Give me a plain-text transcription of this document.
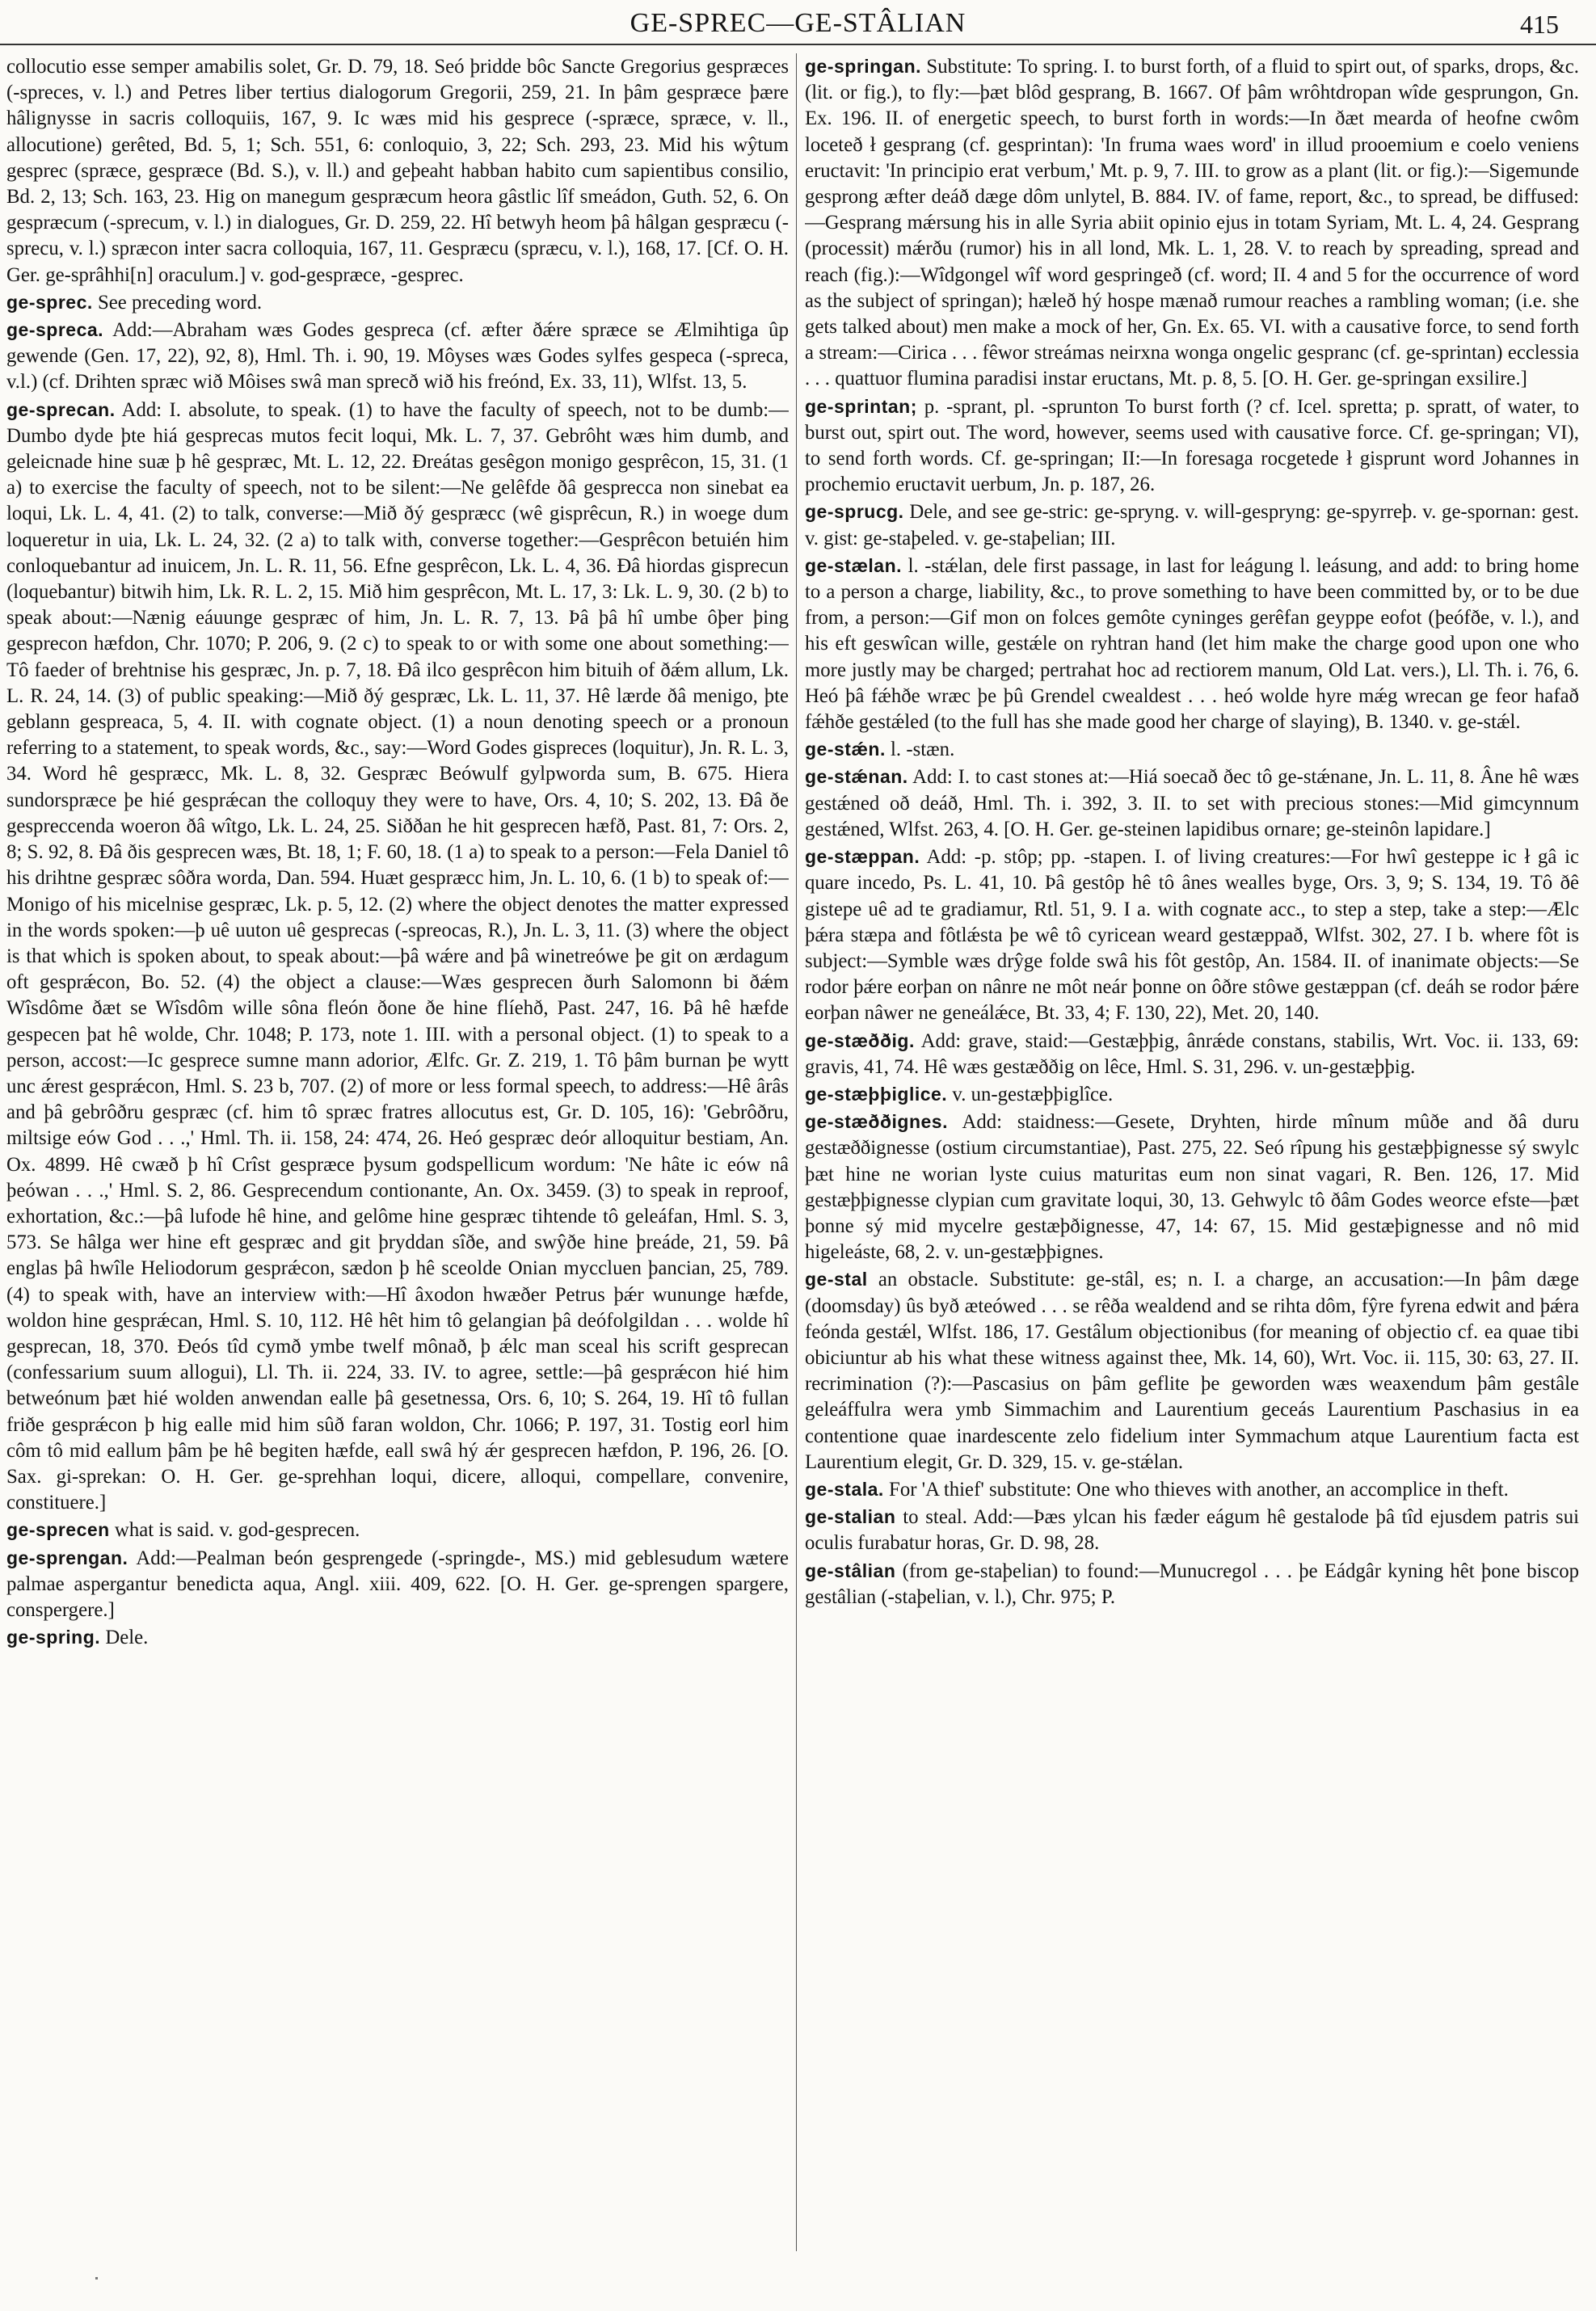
GE-SPREC—GE-STÂLIAN	415

collocutio esse semper amabilis solet, Gr. D. 79, 18. Seó þridde bôc Sancte Gregorius gespræces (-spreces, v. l.) and Petres liber tertius dialogorum Gregorii, 259, 21. In þâm gespræce þære hâlignysse in sacris colloquiis, 167, 9. Ic wæs mid his gesprece (-spræce, spræce, v. ll., allocutione) gerêted, Bd. 5, 1; Sch. 551, 6: conloquio, 3, 22; Sch. 293, 23. Mid his wŷtum gesprec (spræce, gespræce (Bd. S.), v. ll.) and geþeaht habban habito cum sapientibus consilio, Bd. 2, 13; Sch. 163, 23. Hig on manegum gespræcum heora gâstlic lîf smeádon, Guth. 52, 6. On gespræcum (-sprecum, v. l.) in dialogues, Gr. D. 259, 22. Hî betwyh heom þâ hâlgan gespræcu (-sprecu, v. l.) spræcon inter sacra colloquia, 167, 11. Gespræcu (spræcu, v. l.), 168, 17. [Cf. O. H. Ger. ge-sprâhhi[n] oraculum.] v. god-gespræce, -gesprec.

ge-sprec. See preceding word.

ge-spreca. Add:—Abraham wæs Godes gespreca (cf. æfter ðǽre spræce se Ælmihtiga ûp gewende (Gen. 17, 22), 92, 8), Hml. Th. i. 90, 19. Môyses wæs Godes sylfes gespeca (-spreca, v.l.) (cf. Drihten spræc wið Môises swâ man sprecð wið his freónd, Ex. 33, 11), Wlfst. 13, 5.

ge-sprecan. Add: I. absolute, to speak. (1) to have the faculty of speech, not to be dumb:—Dumbo dyde þte hiá gesprecas mutos fecit loqui, Mk. L. 7, 37. Gebrôht wæs him dumb, and geleicnade hine suæ þ hê gespræc, Mt. L. 12, 22. Ðreátas gesêgon monigo gesprêcon, 15, 31. (1 a) to exercise the faculty of speech, not to be silent:—Ne gelêfde ðâ gesprecca non sinebat ea loqui, Lk. L. 4, 41. (2) to talk, converse:—Mið ðý gespræcc (wê gisprêcun, R.) in woege dum loqueretur in uia, Lk. L. 24, 32. (2 a) to talk with, converse together:—Gesprêcon betuién him conloquebantur ad inuicem, Jn. L. R. 11, 56. Efne gesprêcon, Lk. L. 4, 36. Ðâ hiordas gisprecun (loquebantur) bitwih him, Lk. R. L. 2, 15. Mið him gesprêcon, Mt. L. 17, 3: Lk. L. 9, 30. (2 b) to speak about:—Nænig eáuunge gespræc of him, Jn. L. R. 7, 13. Þâ þâ hî umbe ôþer þing gesprecon hæfdon, Chr. 1070; P. 206, 9. (2 c) to speak to or with some one about something:—Tô faeder of brehtnise his gespræc, Jn. p. 7, 18. Ðâ ilco gesprêcon him bituih of ðǽm allum, Lk. L. R. 24, 14. (3) of public speaking:—Mið ðý gespræc, Lk. L. 11, 37. Hê lærde ðâ menigo, þte geblann gespreaca, 5, 4. II. with cognate object. (1) a noun denoting speech or a pronoun referring to a statement, to speak words, &c., say:—Word Godes gispreces (loquitur), Jn. R. L. 3, 34. Word hê gespræcc, Mk. L. 8, 32. Gespræc Beówulf gylpworda sum, B. 675. Hiera sundorspræce þe hié gesprǽcan the colloquy they were to have, Ors. 4, 10; S. 202, 13. Ðâ ðe gespreccenda woeron ðâ wîtgo, Lk. L. 24, 25. Siððan he hit gesprecen hæfð, Past. 81, 7: Ors. 2, 8; S. 92, 8. Ðâ ðis gesprecen wæs, Bt. 18, 1; F. 60, 18. (1 a) to speak to a person:—Fela Daniel tô his drihtne gespræc sôðra worda, Dan. 594. Huæt gespræcc him, Jn. L. 10, 6. (1 b) to speak of:—Monigo of his micelnise gespræc, Lk. p. 5, 12. (2) where the object denotes the matter expressed in the words spoken:—þ uê uuton uê gesprecas (-spreocas, R.), Jn. L. 3, 11. (3) where the object is that which is spoken about, to speak about:—þâ wǽre and þâ winetreówe þe git on ærdagum oft gesprǽcon, Bo. 52. (4) the object a clause:—Wæs gesprecen ðurh Salomonn bi ðǽm Wîsdôme ðæt se Wîsdôm wille sôna fleón ðone ðe hine flíehð, Past. 247, 16. Þâ hê hæfde gespecen þat hê wolde, Chr. 1048; P. 173, note 1. III. with a personal object. (1) to speak to a person, accost:—Ic gesprece sumne mann adorior, Ælfc. Gr. Z. 219, 1. Tô þâm burnan þe wytt unc ǽrest gesprǽcon, Hml. S. 23 b, 707. (2) of more or less formal speech, to address:—Hê ârâs and þâ gebrôðru gespræc (cf. him tô spræc fratres allocutus est, Gr. D. 105, 16): 'Gebrôðru, miltsige eów God . . .,' Hml. Th. ii. 158, 24: 474, 26. Heó gespræc deór alloquitur bestiam, An. Ox. 4899. Hê cwæð þ hî Crîst gespræce þysum godspellicum wordum: 'Ne hâte ic eów nâ þeówan . . .,' Hml. S. 2, 86. Gesprecendum contionante, An. Ox. 3459. (3) to speak in reproof, exhortation, &c.:—þâ lufode hê hine, and gelôme hine gespræc tihtende tô geleáfan, Hml. S. 3, 573. Se hâlga wer hine eft gespræc and git þryddan sîðe, and swŷðe hine þreáde, 21, 59. Þâ englas þâ hwîle Heliodorum gesprǽcon, sædon þ hê sceolde Onian myccluen þancian, 25, 789. (4) to speak with, have an interview with:—Hî âxodon hwæðer Petrus þǽr wununge hæfde, woldon hine gesprǽcan, Hml. S. 10, 112. Hê hêt him tô gelangian þâ deófolgildan . . . wolde hî gesprecan, 18, 370. Ðeós tîd cymð ymbe twelf mônað, þ ǽlc man sceal his scrift gesprecan (confessarium suum allogui), Ll. Th. ii. 224, 33. IV. to agree, settle:—þâ gesprǽcon hié him betweónum þæt hié wolden anwendan ealle þâ gesetnessa, Ors. 6, 10; S. 264, 19. Hî tô fullan friðe gesprǽcon þ hig ealle mid him sûð faran woldon, Chr. 1066; P. 197, 31. Tostig eorl him côm tô mid eallum þâm þe hê begiten hæfde, eall swâ hý ǽr gesprecen hæfdon, P. 196, 26. [O. Sax. gi-sprekan: O. H. Ger. ge-sprehhan loqui, dicere, alloqui, compellare, convenire, constituere.]

ge-sprecen what is said. v. god-gesprecen.

ge-sprengan. Add:—Pealman beón gesprengede (-springde-, MS.) mid geblesudum wætere palmae aspergantur benedicta aqua, Angl. xiii. 409, 622. [O. H. Ger. ge-sprengen spargere, conspergere.]

ge-spring. Dele.

ge-springan. Substitute: To spring. I. to burst forth, of a fluid to spirt out, of sparks, drops, &c. (lit. or fig.), to fly:—þæt blôd gesprang, B. 1667. Of þâm wrôhtdropan wîde gesprungon, Gn. Ex. 196. II. of energetic speech, to burst forth in words:—In ðæt mearda of heofne cwôm loceteð ł gesprang (cf. gesprintan): 'In fruma waes word' in illud prooemium e coelo veniens eructavit: 'In principio erat verbum,' Mt. p. 9, 7. III. to grow as a plant (lit. or fig.):—Sigemunde gesprong æfter deáð dæge dôm unlytel, B. 884. IV. of fame, report, &c., to spread, be diffused:—Gesprang mǽrsung his in alle Syria abiit opinio ejus in totam Syriam, Mt. L. 4, 24. Gesprang (processit) mǽrðu (rumor) his in all lond, Mk. L. 1, 28. V. to reach by spreading, spread and reach (fig.):—Wîdgongel wîf word gespringeð (cf. word; II. 4 and 5 for the occurrence of word as the subject of springan); hæleð hý hospe mænað rumour reaches a rambling woman; (i.e. she gets talked about) men make a mock of her, Gn. Ex. 65. VI. with a causative force, to send forth a stream:—Cirica . . . fêwor streámas neirxna wonga ongelic gespranc (cf. ge-sprintan) ecclessia . . . quattuor flumina paradisi instar eructans, Mt. p. 8, 5. [O. H. Ger. ge-springan exsilire.]

ge-sprintan; p. -sprant, pl. -sprunton To burst forth (? cf. Icel. spretta; p. spratt, of water, to burst out, spirt out. The word, however, seems used with causative force. Cf. ge-springan; VI), to send forth words. Cf. ge-springan; II:—In foresaga rocgetede ł gisprunt word Johannes in prochemio eructavit uerbum, Jn. p. 187, 26.

ge-sprucg. Dele, and see ge-stric: ge-spryng. v. will-gespryng: ge-spyrreþ. v. ge-spornan: gest. v. gist: ge-staþeled. v. ge-staþelian; III.

ge-stælan. l. -stǽlan, dele first passage, in last for leágung l. leásung, and add: to bring home to a person a charge, liability, &c., to prove something to have been committed by, or to be due from, a person:—Gif mon on folces gemôte cyninges gerêfan geyppe eofot (þeófðe, v. l.), and his eft geswîcan wille, gestǽle on ryhtran hand (let him make the charge good upon one who more justly may be charged; pertrahat hoc ad rectiorem manum, Old Lat. vers.), Ll. Th. i. 76, 6. Heó þâ fǽhðe wræc þe þû Grendel cwealdest . . . heó wolde hyre mǽg wrecan ge feor hafað fǽhðe gestǽled (to the full has she made good her charge of slaying), B. 1340. v. ge-stǽl.

ge-stǽn. l. -stæn.

ge-stǽnan. Add: I. to cast stones at:—Hiá soecað ðec tô ge-stǽnane, Jn. L. 11, 8. Âne hê wæs gestǽned oð deáð, Hml. Th. i. 392, 3. II. to set with precious stones:—Mid gimcynnum gestǽned, Wlfst. 263, 4. [O. H. Ger. ge-steinen lapidibus ornare; ge-steinôn lapidare.]

ge-stæppan. Add: -p. stôp; pp. -stapen. I. of living creatures:—For hwî gesteppe ic ł gâ ic quare incedo, Ps. L. 41, 10. Þâ gestôp hê tô ânes wealles byge, Ors. 3, 9; S. 134, 19. Tô ðê gistepe uê ad te gradiamur, Rtl. 51, 9. I a. with cognate acc., to step a step, take a step:—Ælc þǽra stæpa and fôtlǽsta þe wê tô cyricean weard gestæppað, Wlfst. 302, 27. I b. where fôt is subject:—Symble wæs drŷge folde swâ his fôt gestôp, An. 1584. II. of inanimate objects:—Se rodor þǽre eorþan on nânre ne môt neár þonne on ôðre stôwe gestæppan (cf. deáh se rodor þǽre eorþan nâwer ne geneálǽce, Bt. 33, 4; F. 130, 22), Met. 20, 140.

ge-stæððig. Add: grave, staid:—Gestæþþig, ânrǽde constans, stabilis, Wrt. Voc. ii. 133, 69: gravis, 41, 74. Hê wæs gestæððig on lêce, Hml. S. 31, 296. v. un-gestæþþig.

ge-stæþþiglice. v. un-gestæþþiglîce.

ge-stæððignes. Add: staidness:—Gesete, Dryhten, hirde mînum mûðe and ðâ duru gestæððignesse (ostium circumstantiae), Past. 275, 22. Seó rîpung his gestæþþignesse sý swylc þæt hine ne worian lyste cuius maturitas eum non sinat vagari, R. Ben. 126, 17. Mid gestæþþignesse clypian cum gravitate loqui, 30, 13. Gehwylc tô ðâm Godes weorce efste—þæt þonne sý mid mycelre gestæþðignesse, 47, 14: 67, 15. Mid gestæþignesse and nô mid higeleáste, 68, 2. v. un-gestæþþignes.

ge-stal an obstacle. Substitute: ge-stâl, es; n. I. a charge, an accusation:—In þâm dæge (doomsday) ûs byð æteówed . . . se rêða wealdend and se rihta dôm, fŷre fyrena edwit and þǽra feónda gestǽl, Wlfst. 186, 17. Gestâlum objectionibus (for meaning of objectio cf. ea quae tibi obiciuntur ab his what these witness against thee, Mk. 14, 60), Wrt. Voc. ii. 115, 30: 63, 27. II. recrimination (?):—Pascasius on þâm geflite þe geworden wæs weaxendum þâm gestâle geleáffulra wera ymb Simmachim and Laurentium geceás Laurentium Paschasius in ea contentione quae inardescente zelo fidelium inter Symmachum atque Laurentium facta est Laurentium elegit, Gr. D. 329, 15. v. ge-stǽlan.

ge-stala. For 'A thief' substitute: One who thieves with another, an accomplice in theft.

ge-stalian to steal. Add:—Þæs ylcan his fæder eágum hê gestalode þâ tîd ejusdem patris sui oculis furabatur horas, Gr. D. 98, 28.

ge-stâlian (from ge-staþelian) to found:—Munucregol . . . þe Eádgâr kyning hêt þone biscop gestâlian (-staþelian, v. l.), Chr. 975; P.
